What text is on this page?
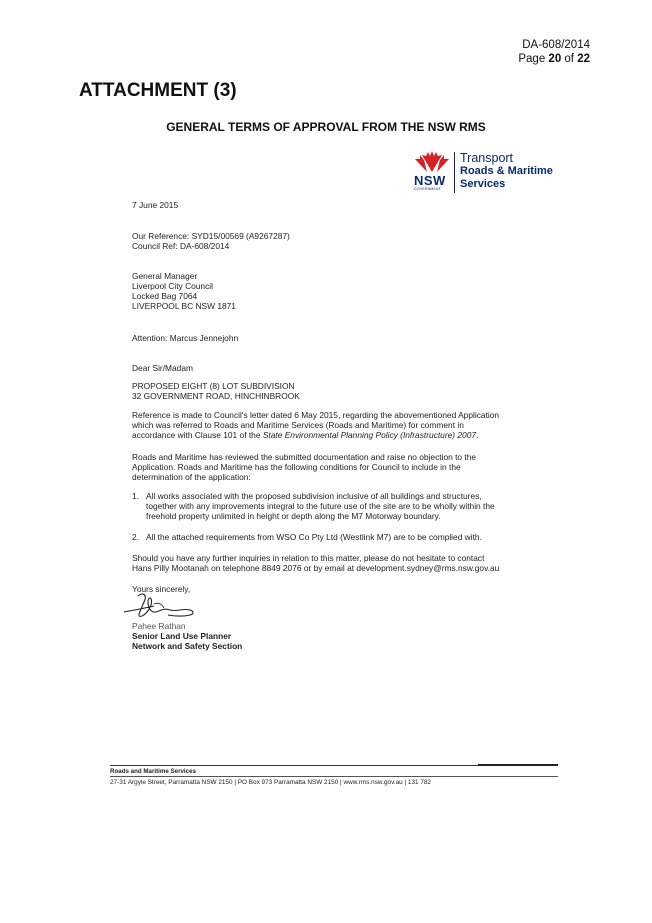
DA-608/2014
Page 20 of 22
ATTACHMENT (3)
GENERAL TERMS OF APPROVAL FROM THE NSW RMS
NSW
GOVERNMENT
Transport
Roads & Maritime
Services
7 June 2015

Our Reference: SYD15/00569 (A9267287)

Council Ref: DA-608/2014

General Manager

Liverpool City Council

Locked Bag 7064

LIVERPOOL BC NSW 1871

Attention: Marcus Jennejohn
Dear Sir/Madam

PROPOSED EIGHT (8) LOT SUBDIVISION

32 GOVERNMENT ROAD, HINCHINBROOK

Reference is made to Council's letter dated 6 May 2015, regarding the abovementioned Application

which was referred to Roads and Maritime Services (Roads and Maritime) for comment in

accordance with Clause 101 of the State Environmental Planning Policy (Infrastructure) 2007.

Roads and Maritime has reviewed the submitted documentation and raise no objection to the

Application. Roads and Maritime has the following conditions for Council to include in the

determination of the application:

1. All works associated with the proposed subdivision inclusive of all buildings and structures,

together with any improvements integral to the future use of the site are to be wholly within the

freehold property unlimited in height or depth along the M7 Motorway boundary.

2. All the attached requirements from WSO Co Pty Ltd (Westlink M7) are to be complied with.

Should you have any further inquiries in relation to this matter, please do not hesitate to contact

Hans Pilly Mootanah on telephone 8849 2076 or by email at development.sydney@rms.nsw.gov.au

Yours sincerely,

Pahee Rathan

Senior Land Use Planner

Network and Safety Section

Roads and Maritime Services
27-31 Argyle Street, Parramatta NSW 2150 | PO Box 973 Parramatta NSW 2150 | www.rms.nsw.gov.au | 131 782
